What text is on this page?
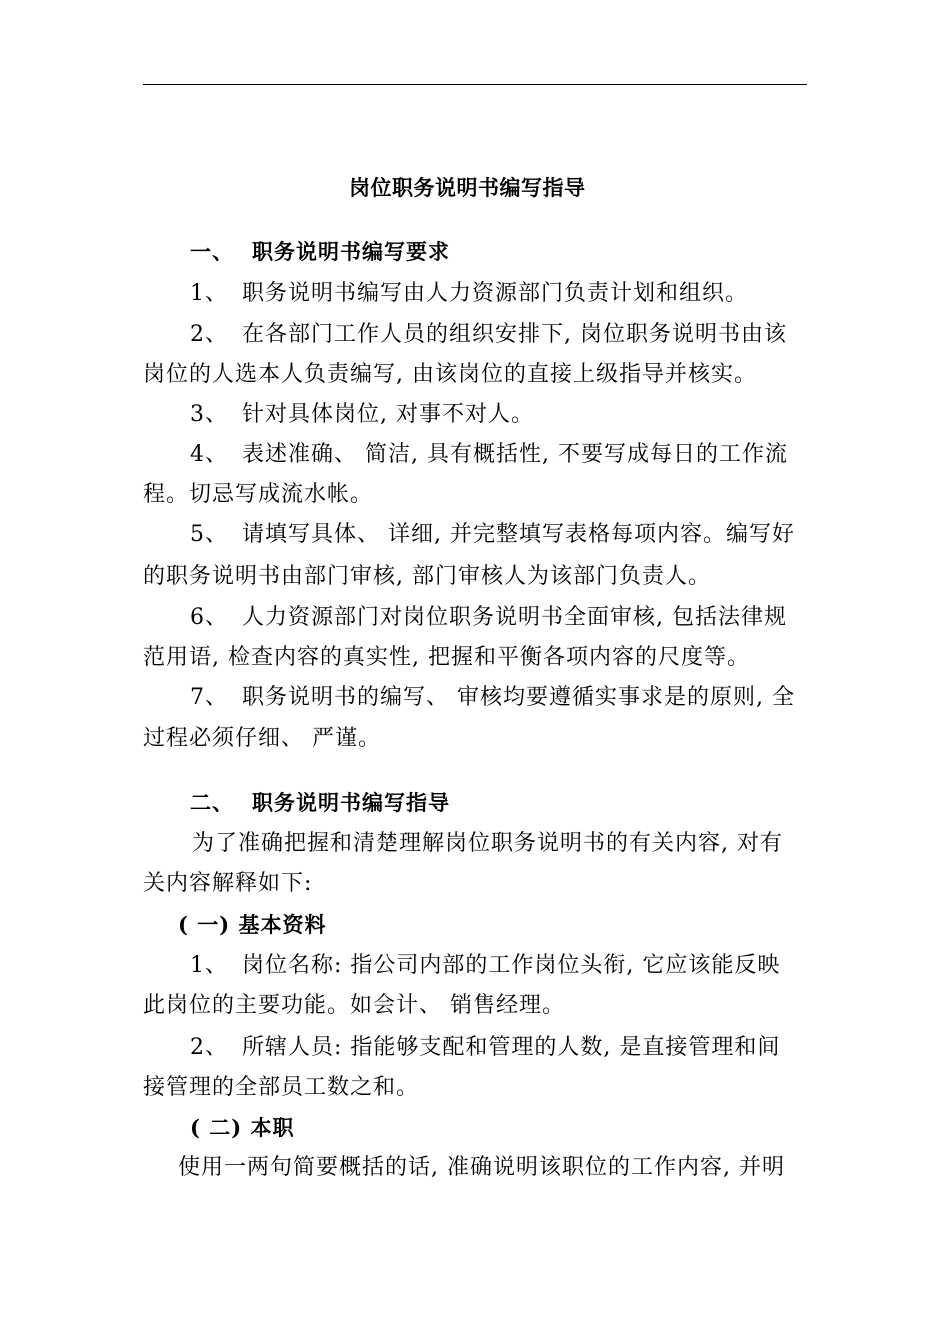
岗位职务说明书编写指导
一、 职务说明书编写要求
1、 职务说明书编写由人力资源部门负责计划和组织。
2、 在各部门工作人员的组织安排下, 岗位职务说明书由该
岗位的人选本人负责编写, 由该岗位的直接上级指导并核实。
3、 针对具体岗位, 对事不对人。
4、 表述准确、 简洁, 具有概括性, 不要写成每日的工作流
程。切忌写成流水帐。
5、 请填写具体、 详细, 并完整填写表格每项内容。编写好
的职务说明书由部门审核, 部门审核人为该部门负责人。
6、 人力资源部门对岗位职务说明书全面审核, 包括法律规
范用语, 检查内容的真实性, 把握和平衡各项内容的尺度等。
7、 职务说明书的编写、 审核均要遵循实事求是的原则, 全
过程必须仔细、 严谨。
二、 职务说明书编写指导
为了准确把握和清楚理解岗位职务说明书的有关内容, 对有
关内容解释如下:
( 一) 基本资料
1、 岗位名称: 指公司内部的工作岗位头衔, 它应该能反映
此岗位的主要功能。如会计、 销售经理。
2、 所辖人员: 指能够支配和管理的人数, 是直接管理和间
接管理的全部员工数之和。
( 二) 本职
使用一两句简要概括的话, 准确说明该职位的工作内容, 并明
